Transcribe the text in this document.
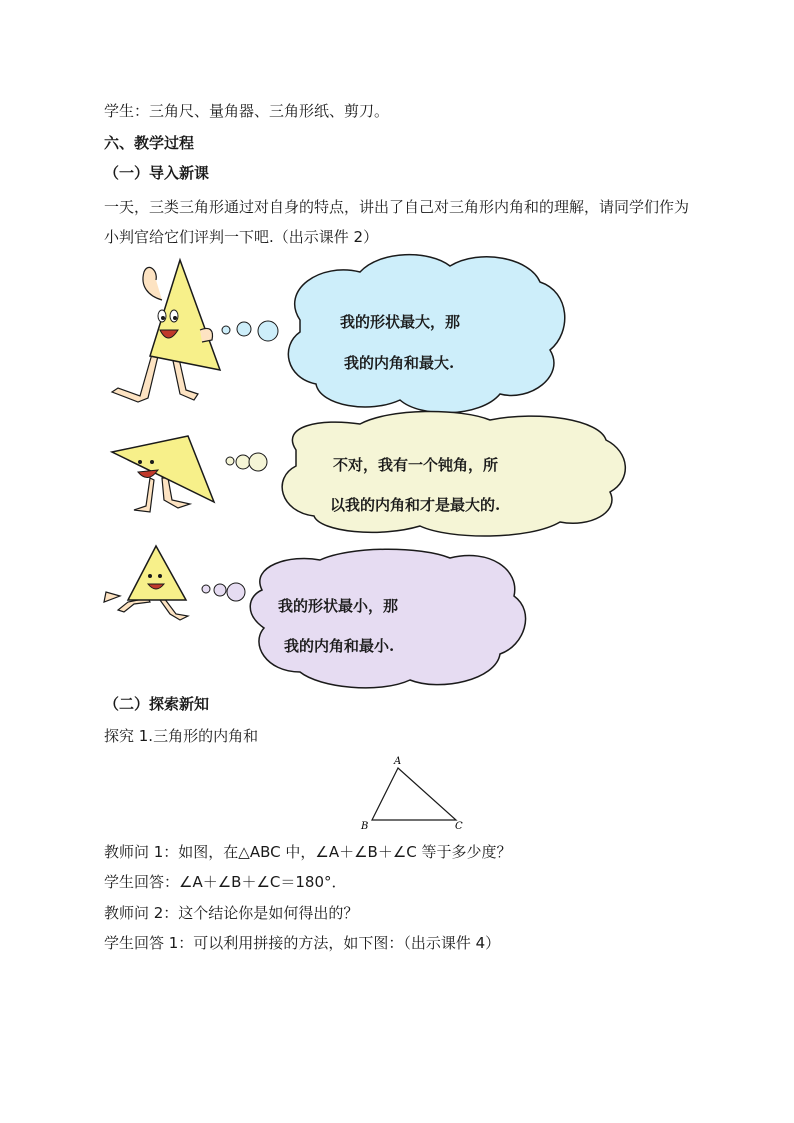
学生：三角尺、量角器、三角形纸、剪刀。
六、教学过程
（一）导入新课
一天，三类三角形通过对自身的特点，讲出了自己对三角形内角和的理解，请同学们作为
小判官给它们评判一下吧.（出示课件 2）
A
B	C
我的形状最大，那
我的内角和最大.
不对，我有一个钝角，所
以我的内角和才是最大的.
我的形状最小，那
我的内角和最小.
（二）探索新知
探究 1.三角形的内角和
教师问 1：如图，在△ABC 中，∠A＋∠B＋∠C 等于多少度？
学生回答：∠A＋∠B＋∠C＝180°．
教师问 2：这个结论你是如何得出的？
学生回答 1：可以利用拼接的方法，如下图：（出示课件 4）
